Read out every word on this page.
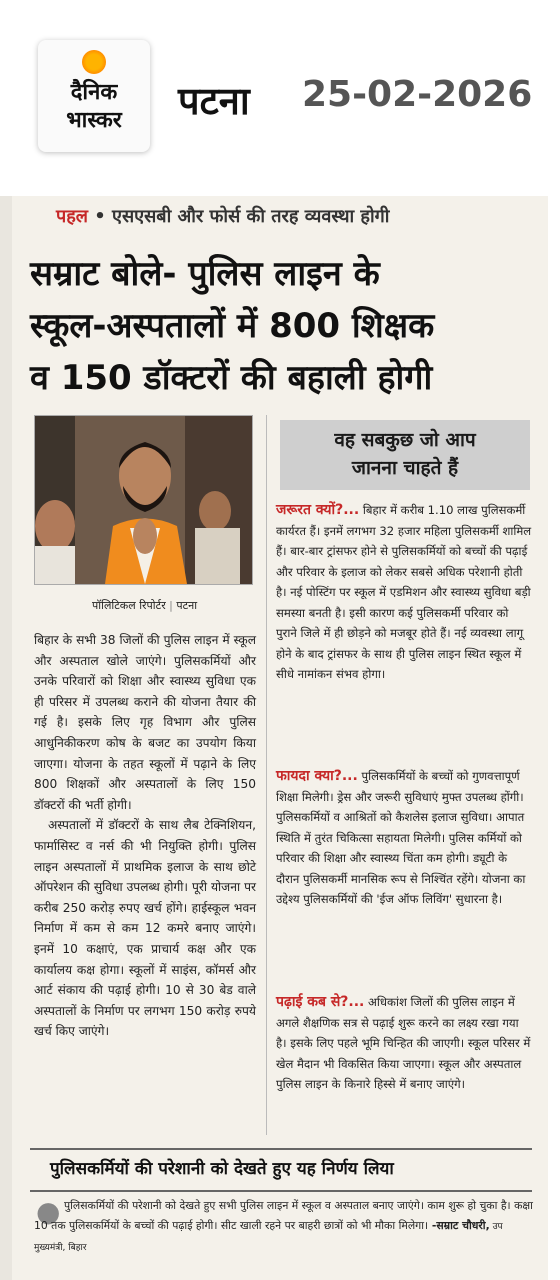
दैनिक
भास्कर	पटना 25-02-2026
पहल • एसएसबी और फोर्स की तरह व्यवस्था होगी
सम्राट बोले- पुलिस लाइन के
स्कूल-अस्पतालों में 800 शिक्षक
व 150 डॉक्टरों की बहाली होगी
पॉलिटिकल रिपोर्टर | पटना

बिहार के सभी 38 जिलों की पुलिस लाइन में स्कूल और अस्पताल खोले जाएंगे। पुलिसकर्मियों और उनके परिवारों को शिक्षा और स्वास्थ्य सुविधा एक ही परिसर में उपलब्ध कराने की योजना तैयार की गई है। इसके लिए गृह विभाग और पुलिस आधुनिकीकरण कोष के बजट का उपयोग किया जाएगा। योजना के तहत स्कूलों में पढ़ाने के लिए 800 शिक्षकों और अस्पतालों के लिए 150 डॉक्टरों की भर्ती होगी।

अस्पतालों में डॉक्टरों के साथ लैब टेक्निशियन, फार्मासिस्ट व नर्स की भी नियुक्ति होगी। पुलिस लाइन अस्पतालों में प्राथमिक इलाज के साथ छोटे ऑपरेशन की सुविधा उपलब्ध होगी। पूरी योजना पर करीब 250 करोड़ रुपए खर्च होंगे। हाईस्कूल भवन निर्माण में कम से कम 12 कमरे बनाए जाएंगे। इनमें 10 कक्षाएं, एक प्राचार्य कक्ष और एक कार्यालय कक्ष होगा। स्कूलों में साइंस, कॉमर्स और आर्ट संकाय की पढ़ाई होगी। 10 से 30 बेड वाले अस्पतालों के निर्माण पर लगभग 150 करोड़ रुपये खर्च किए जाएंगे।

वह सबकुछ जो आप
जानना चाहते हैं
जरूरत क्यों?... बिहार में करीब 1.10 लाख पुलिसकर्मी कार्यरत हैं। इनमें लगभग 32 हजार महिला पुलिसकर्मी शामिल हैं। बार-बार ट्रांसफर होने से पुलिसकर्मियों को बच्चों की पढ़ाई और परिवार के इलाज को लेकर सबसे अधिक परेशानी होती है। नई पोस्टिंग पर स्कूल में एडमिशन और स्वास्थ्य सुविधा बड़ी समस्या बनती है। इसी कारण कई पुलिसकर्मी परिवार को पुराने जिले में ही छोड़ने को मजबूर होते हैं। नई व्यवस्था लागू होने के बाद ट्रांसफर के साथ ही पुलिस लाइन स्थित स्कूल में सीधे नामांकन संभव होगा।
फायदा क्या?... पुलिसकर्मियों के बच्चों को गुणवत्तापूर्ण शिक्षा मिलेगी। ड्रेस और जरूरी सुविधाएं मुफ्त उपलब्ध होंगी। पुलिसकर्मियों व आश्रितों को कैशलेस इलाज सुविधा। आपात स्थिति में तुरंत चिकित्सा सहायता मिलेगी। पुलिस कर्मियों को परिवार की शिक्षा और स्वास्थ्य चिंता कम होगी। ड्यूटी के दौरान पुलिसकर्मी मानसिक रूप से निश्चिंत रहेंगे। योजना का उद्देश्य पुलिसकर्मियों की 'ईज ऑफ लिविंग' सुधारना है।
पढ़ाई कब से?... अधिकांश जिलों की पुलिस लाइन में अगले शैक्षणिक सत्र से पढ़ाई शुरू करने का लक्ष्य रखा गया है। इसके लिए पहले भूमि चिन्हित की जाएगी। स्कूल परिसर में खेल मैदान भी विकसित किया जाएगा। स्कूल और अस्पताल पुलिस लाइन के किनारे हिस्से में बनाए जाएंगे।
पुलिसकर्मियों की परेशानी को देखते हुए यह निर्णय लिया
● पुलिसकर्मियों की परेशानी को देखते हुए सभी पुलिस लाइन में स्कूल व अस्पताल बनाए जाएंगे। काम शुरू हो चुका है। कक्षा 10 तक पुलिसकर्मियों के बच्चों की पढ़ाई होगी। सीट खाली रहने पर बाहरी छात्रों को भी मौका मिलेगा। -सम्राट चौधरी, उप मुख्यमंत्री, बिहार
